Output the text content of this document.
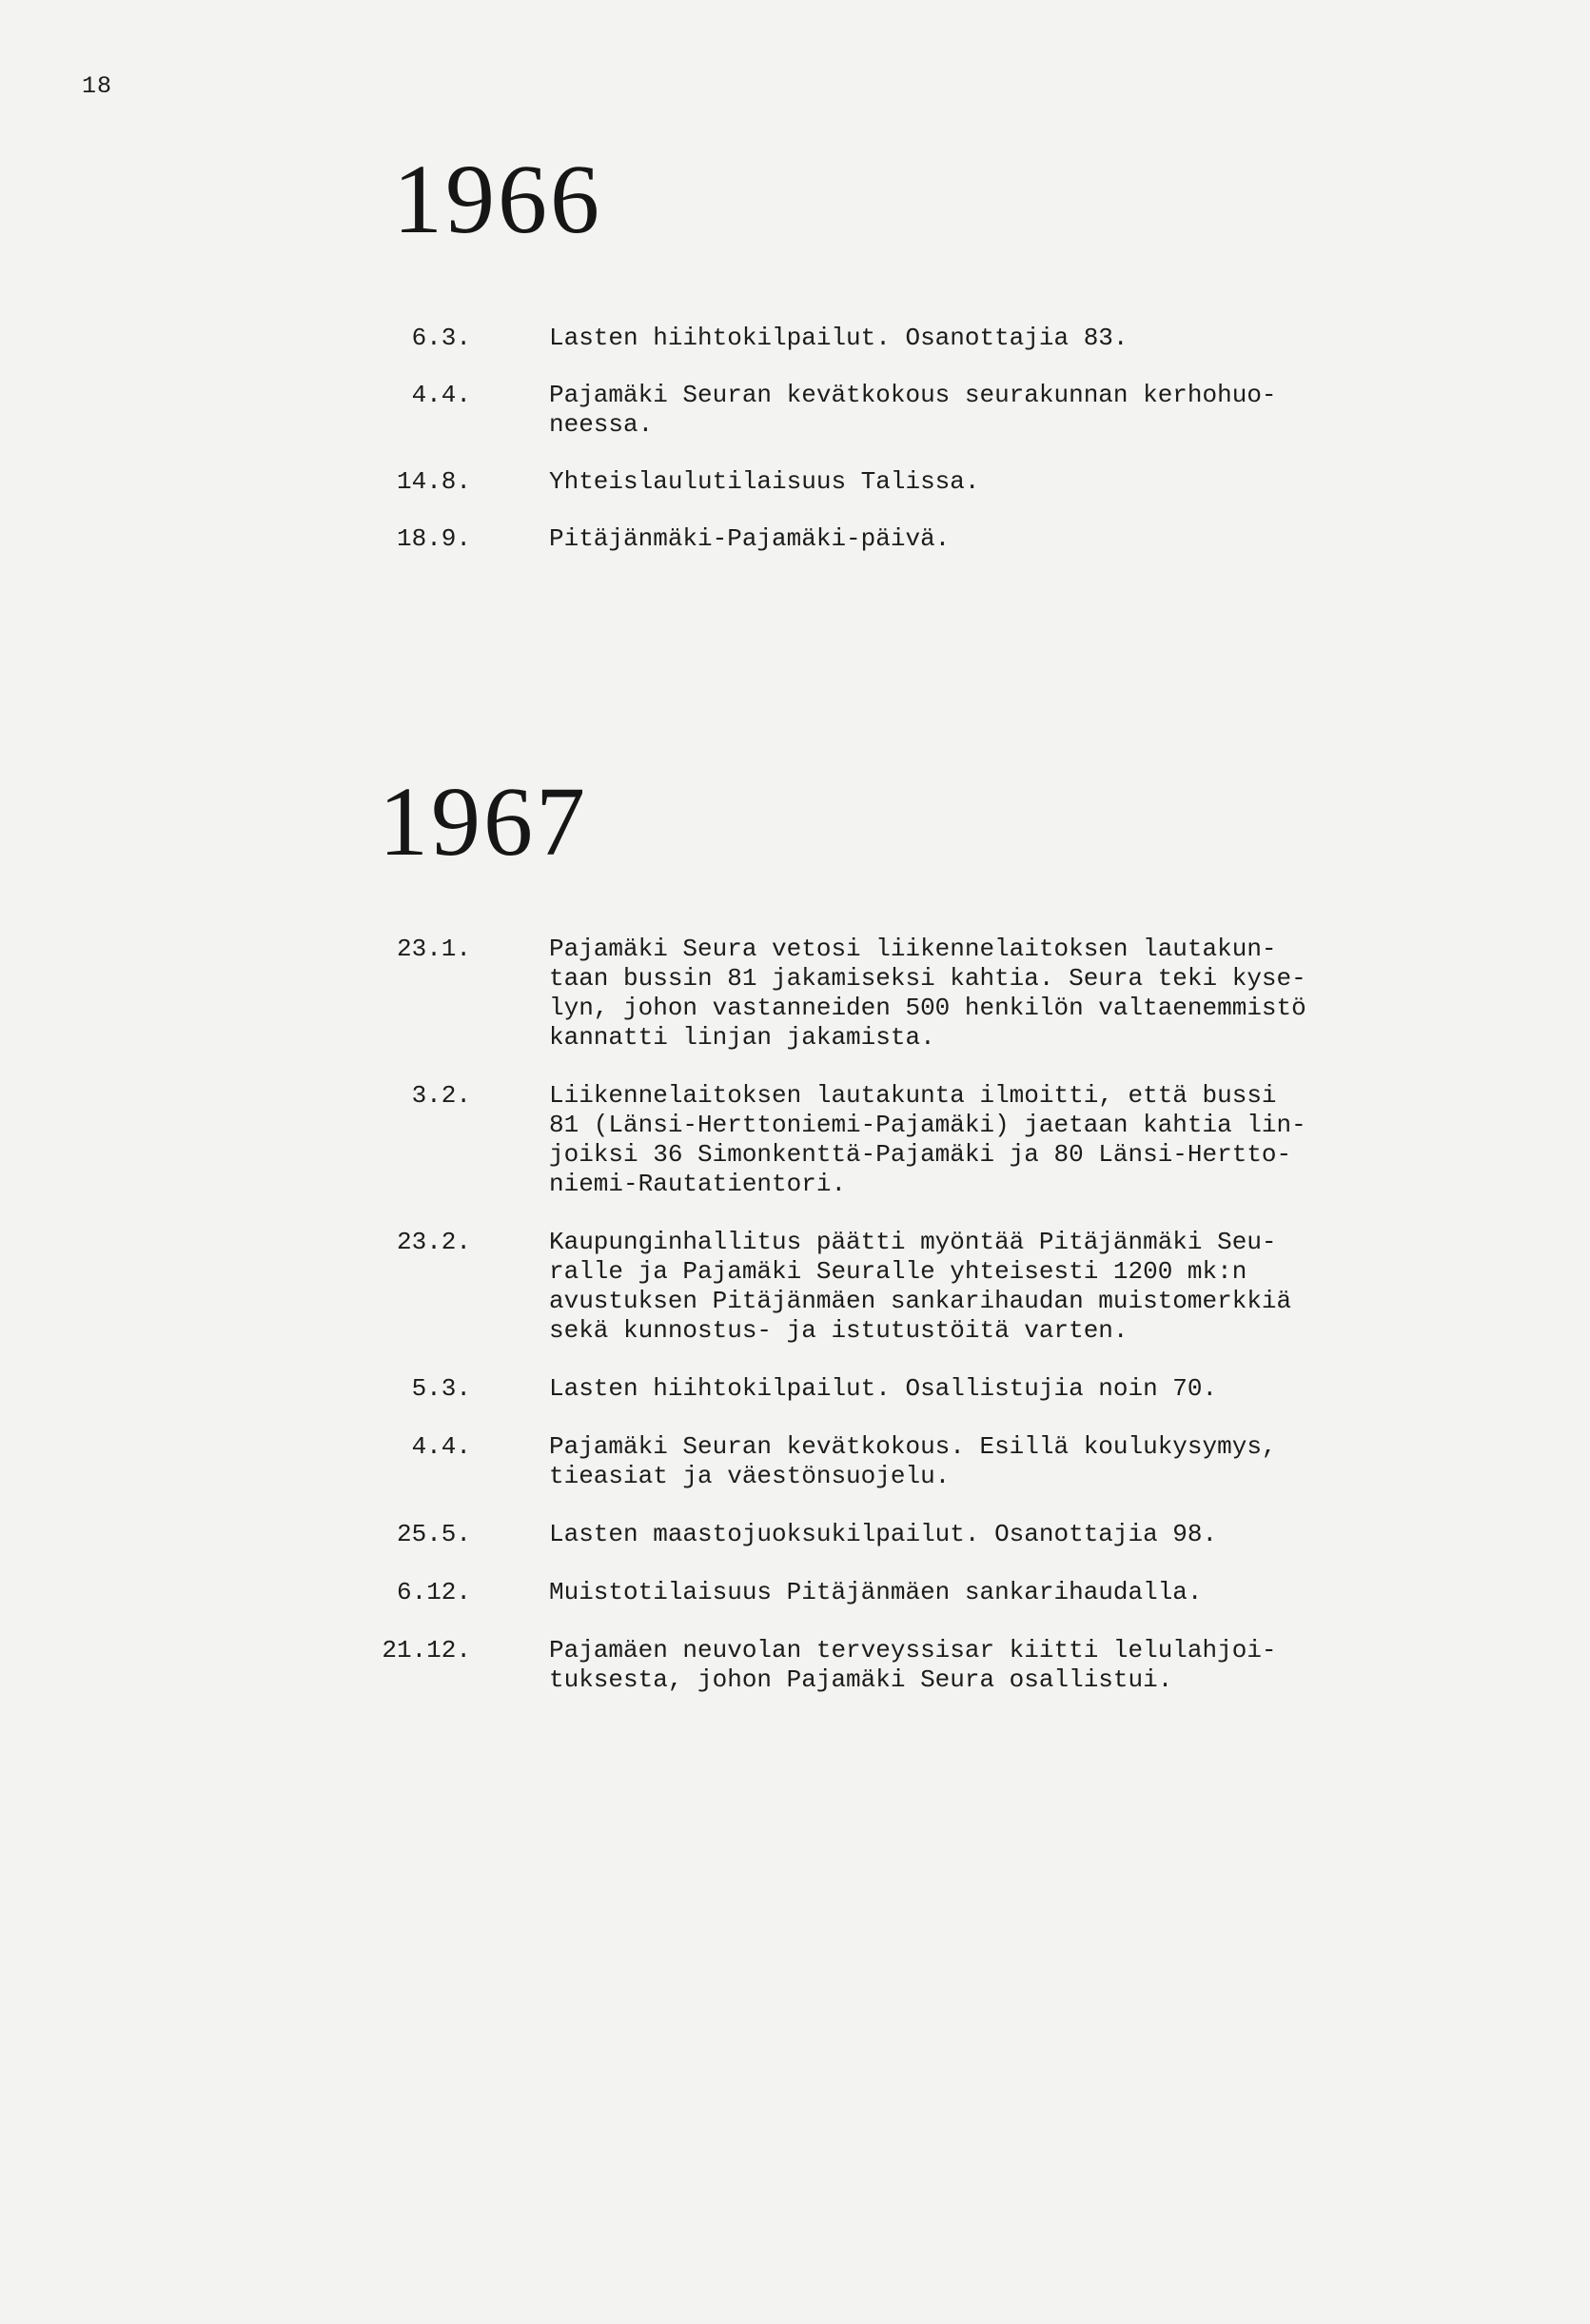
18
1966
6.3.	Lasten hiihtokilpailut. Osanottajia 83.
4.4.	Pajamäki Seuran kevätkokous seurakunnan kerhohuo-
neessa.
14.8.	Yhteislaulutilaisuus Talissa.
18.9.	Pitäjänmäki-Pajamäki-päivä.
1967
23.1.	Pajamäki Seura vetosi liikennelaitoksen lautakun-
taan bussin 81 jakamiseksi kahtia. Seura teki kyse-
lyn, johon vastanneiden 500 henkilön valtaenemmistö
kannatti linjan jakamista.
3.2.	Liikennelaitoksen lautakunta ilmoitti, että bussi
81 (Länsi-Herttoniemi-Pajamäki) jaetaan kahtia lin-
joiksi 36 Simonkenttä-Pajamäki ja 80 Länsi-Hertto-
niemi-Rautatientori.
23.2.	Kaupunginhallitus päätti myöntää Pitäjänmäki Seu-
ralle ja Pajamäki Seuralle yhteisesti 1200 mk:n
avustuksen Pitäjänmäen sankarihaudan muistomerkkiä
sekä kunnostus- ja istutustöitä varten.
5.3.	Lasten hiihtokilpailut. Osallistujia noin 70.
4.4.	Pajamäki Seuran kevätkokous. Esillä koulukysymys,
tieasiat ja väestönsuojelu.
25.5.	Lasten maastojuoksukilpailut. Osanottajia 98.
6.12.	Muistotilaisuus Pitäjänmäen sankarihaudalla.
21.12.	Pajamäen neuvolan terveyssisar kiitti lelulahjoi-
tuksesta, johon Pajamäki Seura osallistui.
